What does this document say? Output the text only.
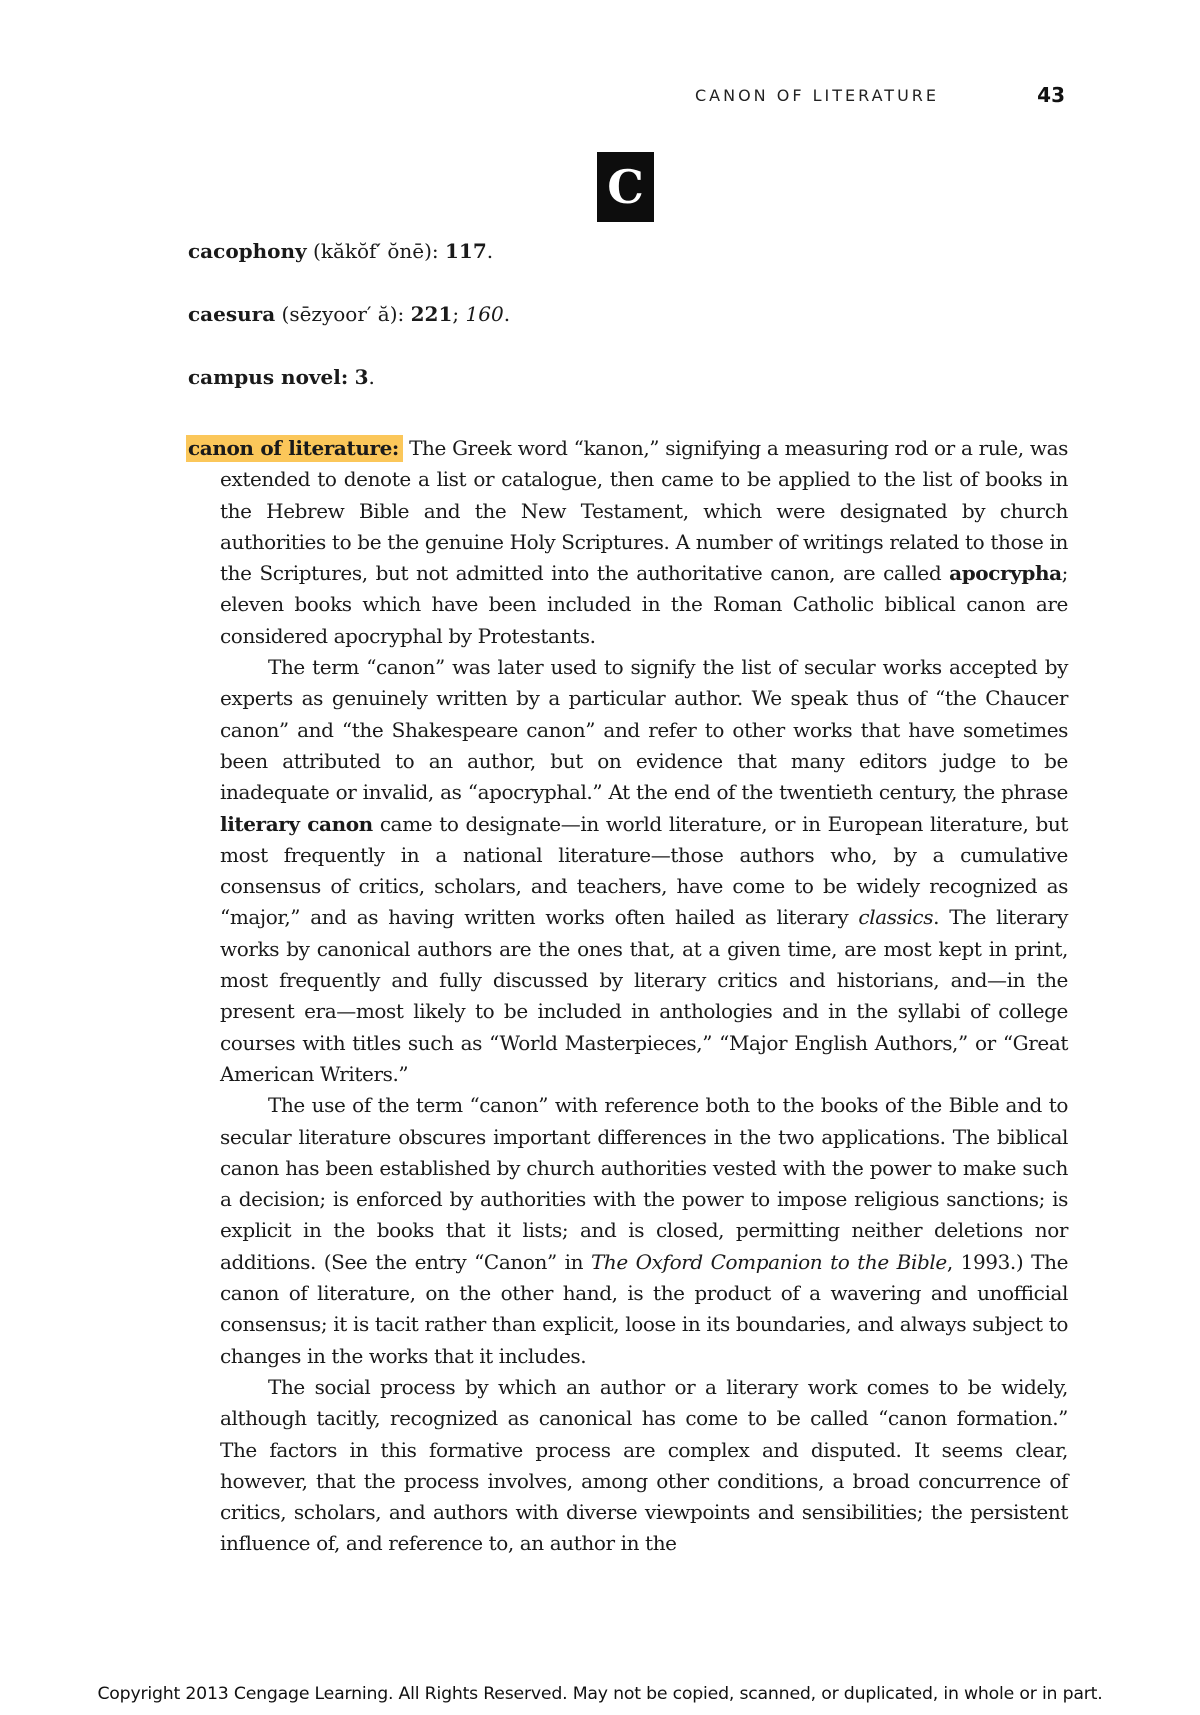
CANON OF LITERATURE	43
C
cacophony (kăkŏf′ ŏnē): 117.
caesura (sēzyoor′ ă): 221; 160.
campus novel: 3.

canon of literature: The Greek word “kanon,” signifying a measuring rod or a rule, was extended to denote a list or catalogue, then came to be applied to the list of books in the Hebrew Bible and the New Testament, which were designated by church authorities to be the genuine Holy Scriptures. A number of writings related to those in the Scriptures, but not admitted into the authoritative canon, are called apocrypha; eleven books which have been included in the Roman Catholic biblical canon are considered apocryphal by Protestants.

The term “canon” was later used to signify the list of secular works accepted by experts as genuinely written by a particular author. We speak thus of “the Chaucer canon” and “the Shakespeare canon” and refer to other works that have sometimes been attributed to an author, but on evidence that many editors judge to be inadequate or invalid, as “apocryphal.” At the end of the twentieth century, the phrase literary canon came to designate—in world literature, or in European literature, but most frequently in a national literature—those authors who, by a cumulative consensus of critics, scholars, and teachers, have come to be widely recognized as “major,” and as having written works often hailed as literary classics. The literary works by canonical authors are the ones that, at a given time, are most kept in print, most frequently and fully discussed by literary critics and historians, and—in the present era—most likely to be included in anthologies and in the syllabi of college courses with titles such as “World Masterpieces,” “Major English Authors,” or “Great American Writers.”

The use of the term “canon” with reference both to the books of the Bible and to secular literature obscures important differences in the two applications. The biblical canon has been established by church authorities vested with the power to make such a decision; is enforced by authorities with the power to impose religious sanctions; is explicit in the books that it lists; and is closed, permitting neither deletions nor additions. (See the entry “Canon” in The Oxford Companion to the Bible, 1993.) The canon of literature, on the other hand, is the product of a wavering and unofficial consensus; it is tacit rather than explicit, loose in its boundaries, and always subject to changes in the works that it includes.

The social process by which an author or a literary work comes to be widely, although tacitly, recognized as canonical has come to be called “canon formation.” The factors in this formative process are complex and disputed. It seems clear, however, that the process involves, among other conditions, a broad concurrence of critics, scholars, and authors with diverse viewpoints and sensibilities; the persistent influence of, and reference to, an author in the

Copyright 2013 Cengage Learning. All Rights Reserved. May not be copied, scanned, or duplicated, in whole or in part.
